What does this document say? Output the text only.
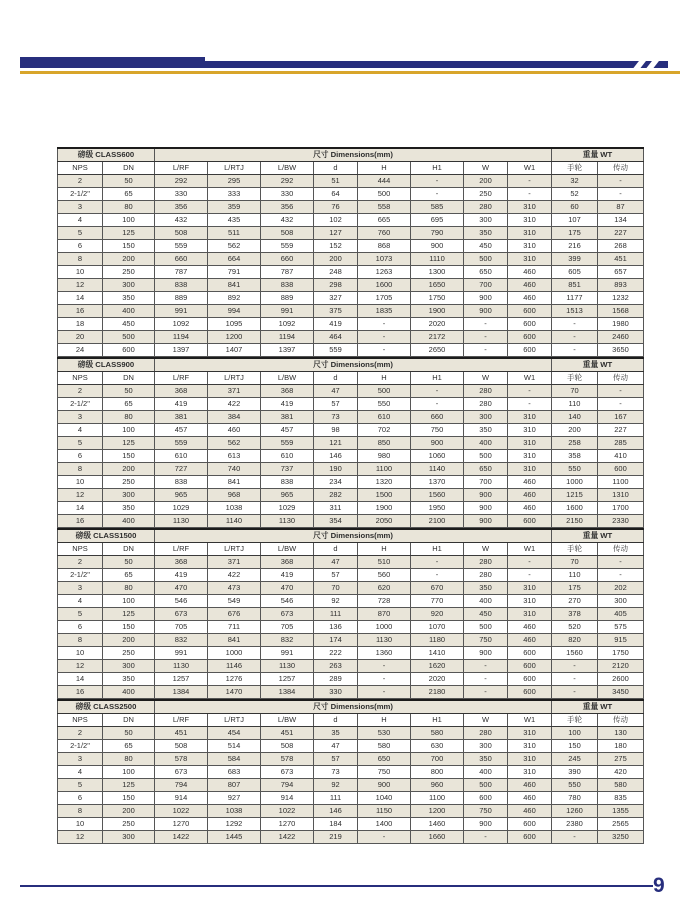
磅级 CLASS600		尺寸 Dimensions(mm)								重量 WT	
NPS	DN	L/RF	L/RTJ	L/BW	d	H	H1	W	W1	手轮	传动
2	50	292	295	292	51	444	-	200	-	32	-
2-1/2"	65	330	333	330	64	500	-	250	-	52	-
3	80	356	359	356	76	558	585	280	310	60	87
4	100	432	435	432	102	665	695	300	310	107	134
5	125	508	511	508	127	760	790	350	310	175	227
6	150	559	562	559	152	868	900	450	310	216	268
8	200	660	664	660	200	1073	1110	500	310	399	451
10	250	787	791	787	248	1263	1300	650	460	605	657
12	300	838	841	838	298	1600	1650	700	460	851	893
14	350	889	892	889	327	1705	1750	900	460	1177	1232
16	400	991	994	991	375	1835	1900	900	600	1513	1568
18	450	1092	1095	1092	419	-	2020	-	600	-	1980
20	500	1194	1200	1194	464	-	2172	-	600	-	2460
24	600	1397	1407	1397	559	-	2650	-	600	-	3650
磅级 CLASS900		尺寸 Dimensions(mm)								重量 WT	
NPS	DN	L/RF	L/RTJ	L/BW	d	H	H1	W	W1	手轮	传动
2	50	368	371	368	47	500	-	280	-	70	-
2-1/2"	65	419	422	419	57	550	-	280	-	110	-
3	80	381	384	381	73	610	660	300	310	140	167
4	100	457	460	457	98	702	750	350	310	200	227
5	125	559	562	559	121	850	900	400	310	258	285
6	150	610	613	610	146	980	1060	500	310	358	410
8	200	727	740	737	190	1100	1140	650	310	550	600
10	250	838	841	838	234	1320	1370	700	460	1000	1100
12	300	965	968	965	282	1500	1560	900	460	1215	1310
14	350	1029	1038	1029	311	1900	1950	900	460	1600	1700
16	400	1130	1140	1130	354	2050	2100	900	600	2150	2330
磅级 CLASS1500		尺寸 Dimensions(mm)								重量 WT	
NPS	DN	L/RF	L/RTJ	L/BW	d	H	H1	W	W1	手轮	传动
2	50	368	371	368	47	510	-	280	-	70	-
2-1/2"	65	419	422	419	57	560	-	280	-	110	-
3	80	470	473	470	70	620	670	350	310	175	202
4	100	546	549	546	92	728	770	400	310	270	300
5	125	673	676	673	111	870	920	450	310	378	405
6	150	705	711	705	136	1000	1070	500	460	520	575
8	200	832	841	832	174	1130	1180	750	460	820	915
10	250	991	1000	991	222	1360	1410	900	600	1560	1750
12	300	1130	1146	1130	263	-	1620	-	600	-	2120
14	350	1257	1276	1257	289	-	2020	-	600	-	2600
16	400	1384	1470	1384	330	-	2180	-	600	-	3450
磅级 CLASS2500		尺寸 Dimensions(mm)								重量 WT	
NPS	DN	L/RF	L/RTJ	L/BW	d	H	H1	W	W1	手轮	传动
2	50	451	454	451	35	530	580	280	310	100	130
2-1/2"	65	508	514	508	47	580	630	300	310	150	180
3	80	578	584	578	57	650	700	350	310	245	275
4	100	673	683	673	73	750	800	400	310	390	420
5	125	794	807	794	92	900	960	500	460	550	580
6	150	914	927	914	111	1040	1100	600	460	780	835
8	200	1022	1038	1022	146	1150	1200	750	460	1260	1355
10	250	1270	1292	1270	184	1400	1460	900	600	2380	2565
12	300	1422	1445	1422	219	-	1660	-	600	-	3250
9
